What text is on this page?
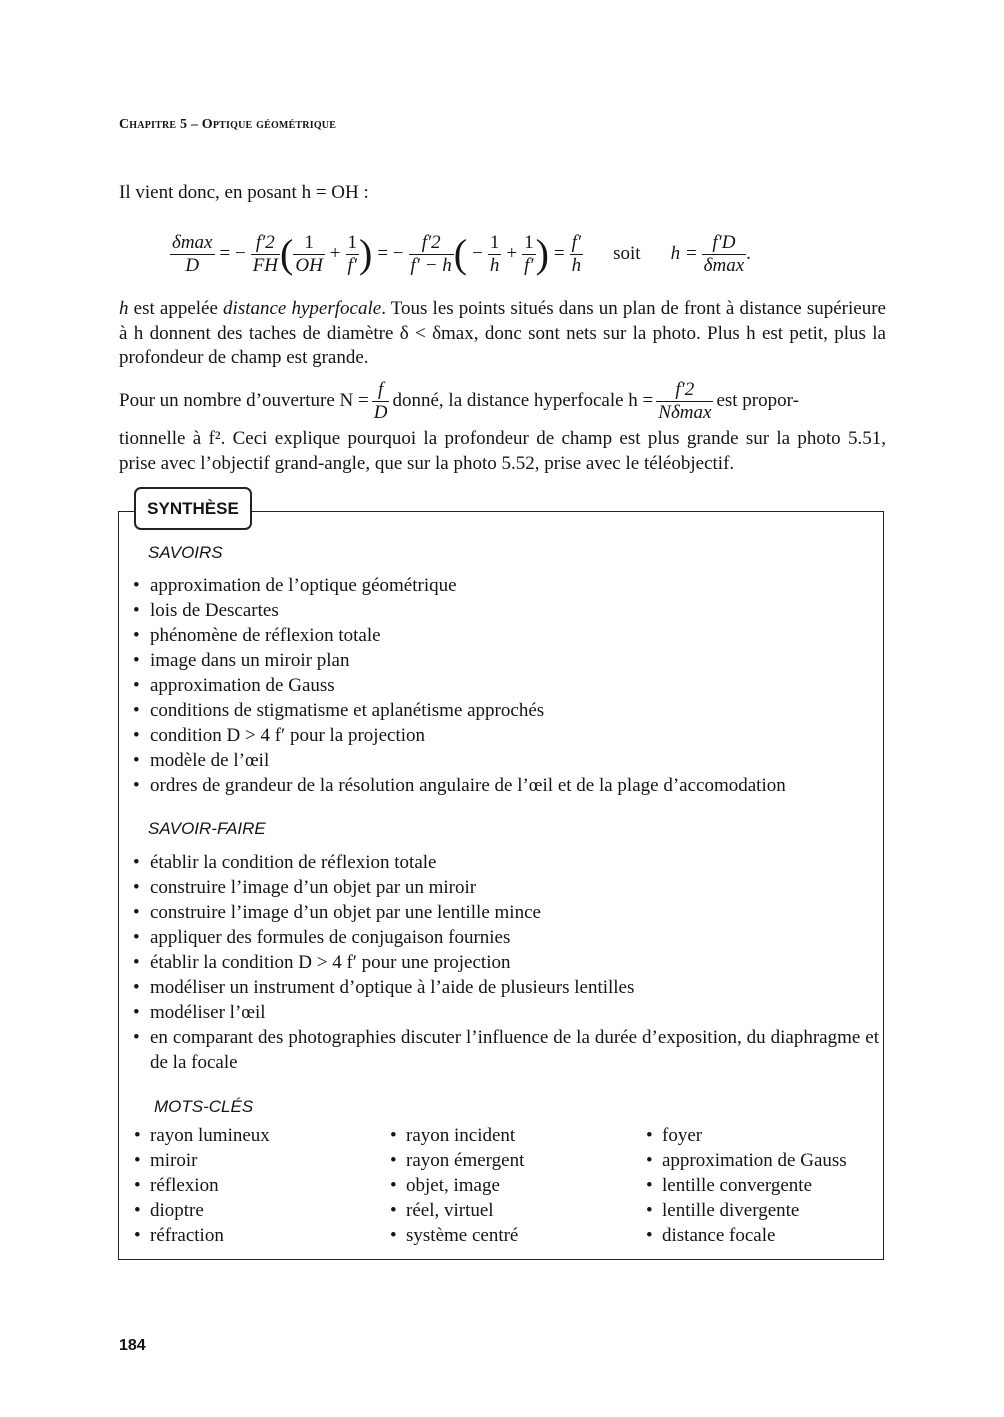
Chapitre 5 – Optique géométrique

Il vient donc, en posant h = OH :

$\frac{\delta\max}{D}$ = − $\frac{f'2}{FH}$ ( $\frac{1}{OH} + \frac{1}{f'}$ ) = − $\frac{f'2}{f' - h}$ ( − $\frac{1}{h} + \frac{1}{f'}$ ) = $\frac{f'}{h}$ soit $h = \frac{f'D}{\delta\max}$ .

h est appelée distance hyperfocale. Tous les points situés dans un plan de front à distance supérieure à h donnent des taches de diamètre δ < δmax, donc sont nets sur la photo. Plus h est petit, plus la profondeur de champ est grande.

Pour un nombre d’ouverture $N = \frac{f}{D}$ donné, la distance hyperfocale $h = \frac{f'2}{N\delta\max}$ est propor-

tionnelle à f². Ceci explique pourquoi la profondeur de champ est plus grande sur la photo 5.51, prise avec l’objectif grand-angle, que sur la photo 5.52, prise avec le téléobjectif.

SYNTHÈSE
SAVOIRS
• approximation de l’optique géométrique
• lois de Descartes
• phénomène de réflexion totale
• image dans un miroir plan
• approximation de Gauss
• conditions de stigmatisme et aplanétisme approchés
• condition D > 4 f′ pour la projection
• modèle de l’œil
• ordres de grandeur de la résolution angulaire de l’œil et de la plage d’accomodation
SAVOIR-FAIRE
• établir la condition de réflexion totale
• construire l’image d’un objet par un miroir
• construire l’image d’un objet par une lentille mince
• appliquer des formules de conjugaison fournies
• établir la condition D > 4 f′ pour une projection
• modéliser un instrument d’optique à l’aide de plusieurs lentilles
• modéliser l’œil
• en comparant des photographies discuter l’influence de la durée d’exposition, du diaphragme et de la focale
MOTS-CLÉS
• rayon lumineux
• miroir
• réflexion
• dioptre
• réfraction
• rayon incident
• rayon émergent
• objet, image
• réel, virtuel
• système centré
• foyer
• approximation de Gauss
• lentille convergente
• lentille divergente
• distance focale
184
